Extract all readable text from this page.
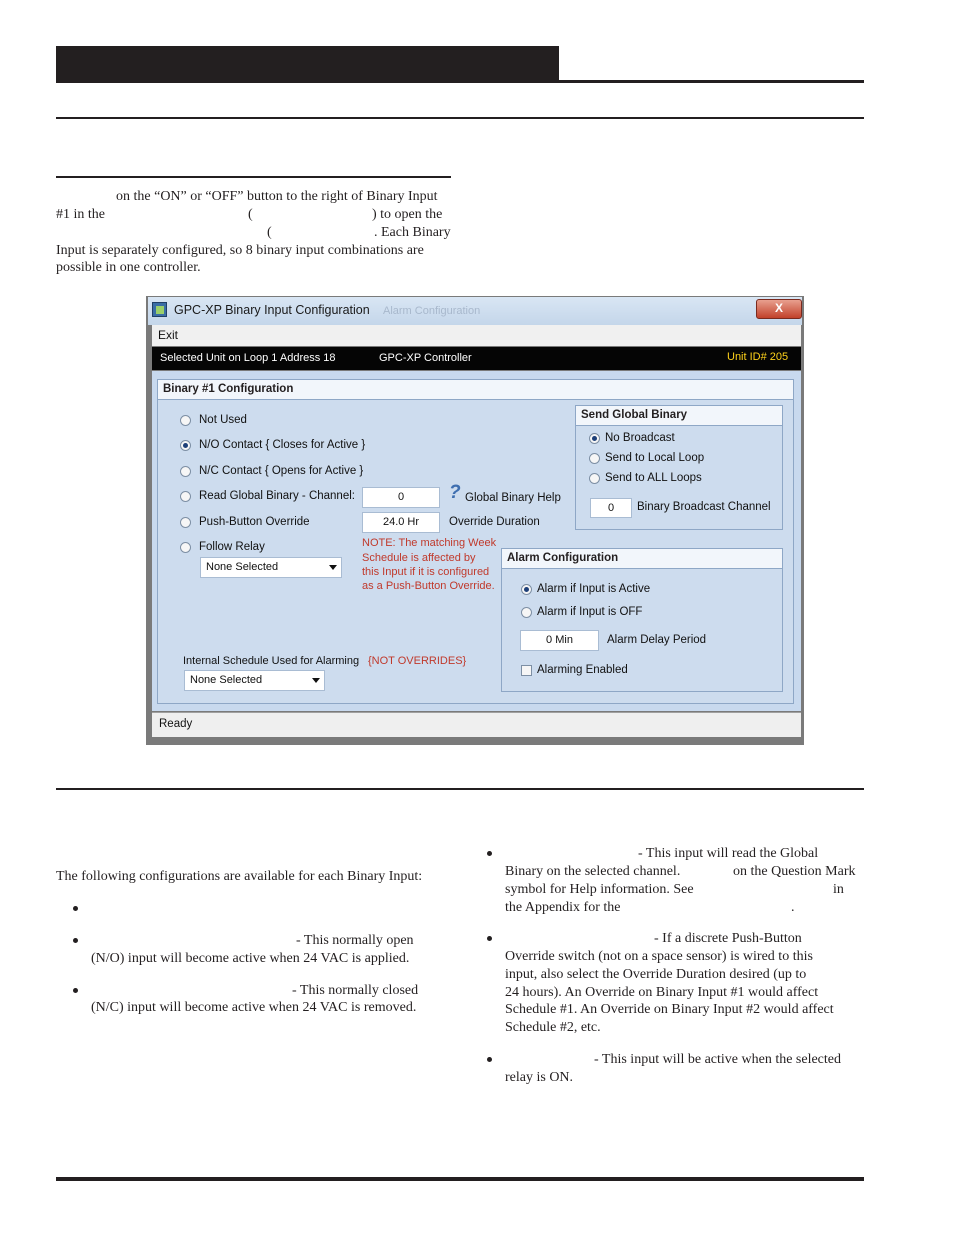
on the “ON” or “OFF” button to the right of Binary Input
#1 in the	(	) to open the
(	. Each Binary
Input is separately configured, so 8 binary input combinations are
possible in one controller.
GPC-XP Binary Input Configuration Alarm Configuration	X
Exit
Selected Unit on Loop 1 Address 18	GPC-XP Controller	Unit ID# 205
Binary #1 Configuration
Not Used
N/O Contact { Closes for Active }
N/C Contact { Opens for Active }
Read Global Binary - Channel:
Push-Button Override
Follow Relay
0	? Global Binary Help
24.0 Hr	Override Duration
None Selected
NOTE: The matching Week
Schedule is affected by
this Input if it is configured
as a Push-Button Override.
Internal Schedule Used for Alarming {NOT OVERRIDES}
None Selected
Send Global Binary
No Broadcast
Send to Local Loop
Send to ALL Loops
0	Binary Broadcast Channel
Alarm Configuration
Alarm if Input is Active
Alarm if Input is OFF
0 Min	Alarm Delay Period
Alarming Enabled
Ready
The following configurations are available for each Binary Input:
- This normally open
(N/O) input will become active when 24 VAC is applied.
- This normally closed
(N/C) input will become active when 24 VAC is removed.
- This input will read the Global
Binary on the selected channel.	on the Question Mark
symbol for Help information. See	in
the Appendix for the	.
- If a discrete Push-Button
Override switch (not on a space sensor) is wired to this
input, also select the Override Duration desired (up to
24 hours). An Override on Binary Input #1 would affect
Schedule #1. An Override on Binary Input #2 would affect
Schedule #2, etc.
- This input will be active when the selected
relay is ON.
